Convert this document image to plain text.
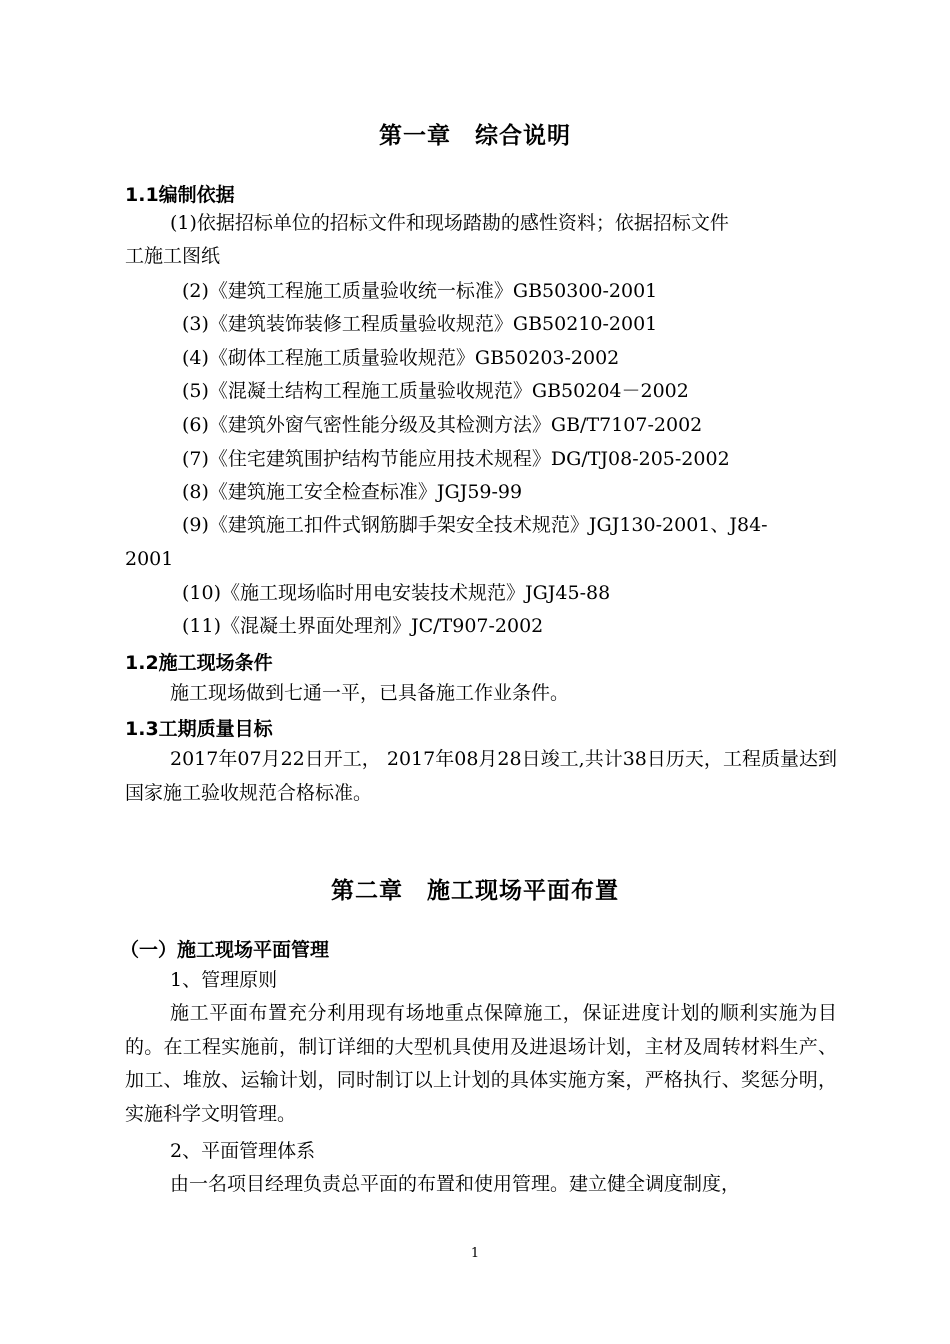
第一章　综合说明
1.1编制依据
(1)依据招标单位的招标文件和现场踏勘的感性资料；依据招标文件
工施工图纸
(2)《建筑工程施工质量验收统一标准》GB50300-2001
(3)《建筑装饰装修工程质量验收规范》GB50210-2001
(4)《砌体工程施工质量验收规范》GB50203-2002
(5)《混凝土结构工程施工质量验收规范》GB50204－2002
(6)《建筑外窗气密性能分级及其检测方法》GB/T7107-2002
(7)《住宅建筑围护结构节能应用技术规程》DG/TJ08-205-2002
(8)《建筑施工安全检查标准》JGJ59-99
(9)《建筑施工扣件式钢筋脚手架安全技术规范》JGJ130-2001、J84-
2001
(10)《施工现场临时用电安装技术规范》JGJ45-88
(11)《混凝土界面处理剂》JC/T907-2002
1.2施工现场条件
施工现场做到七通一平，已具备施工作业条件。
1.3工期质量目标
2017年07月22日开工， 2017年08月28日竣工,共计38日历天，工程质量达到国家施工验收规范合格标准。
第二章　施工现场平面布置
（一）施工现场平面管理
1、管理原则
施工平面布置充分利用现有场地重点保障施工，保证进度计划的顺利实施为目的。在工程实施前，制订详细的大型机具使用及进退场计划，主材及周转材料生产、加工、堆放、运输计划，同时制订以上计划的具体实施方案，严格执行、奖惩分明，实施科学文明管理。
2、平面管理体系
由一名项目经理负责总平面的布置和使用管理。建立健全调度制度，
1
